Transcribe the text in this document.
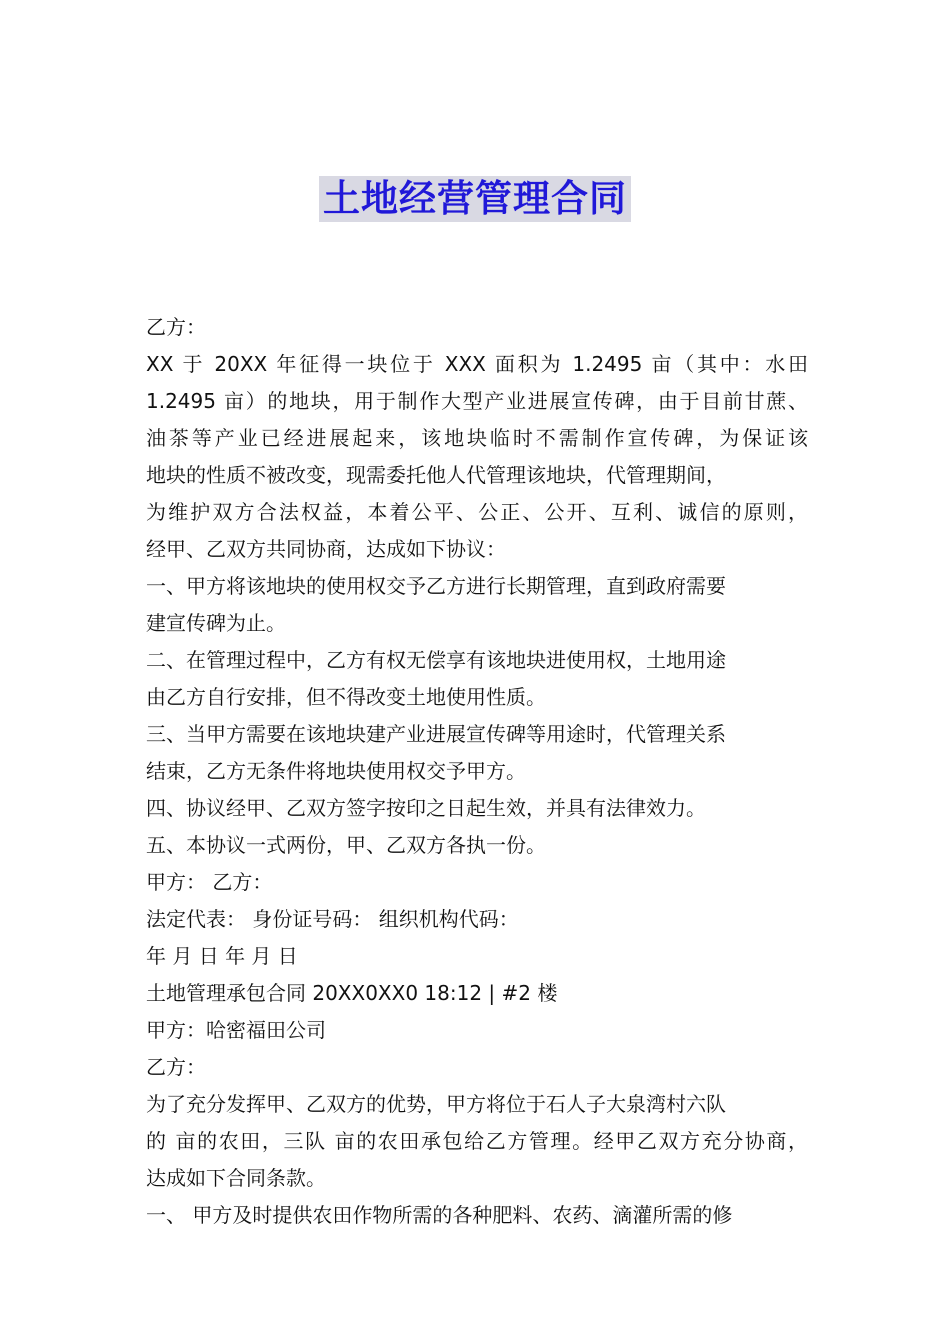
土地经营管理合同
乙方：
XX 于 20XX 年征得一块位于 XXX 面积为 1.2495 亩（其中：水田
1.2495 亩）的地块，用于制作大型产业进展宣传碑，由于目前甘蔗、
油茶等产业已经进展起来，该地块临时不需制作宣传碑，为保证该
地块的性质不被改变，现需委托他人代管理该地块，代管理期间，
为维护双方合法权益，本着公平、公正、公开、互利、诚信的原则，
经甲、乙双方共同协商，达成如下协议：
一、甲方将该地块的使用权交予乙方进行长期管理，直到政府需要
建宣传碑为止。
二、在管理过程中，乙方有权无偿享有该地块进使用权，土地用途
由乙方自行安排，但不得改变土地使用性质。
三、当甲方需要在该地块建产业进展宣传碑等用途时，代管理关系
结束，乙方无条件将地块使用权交予甲方。
四、协议经甲、乙双方签字按印之日起生效，并具有法律效力。
五、本协议一式两份，甲、乙双方各执一份。
甲方： 乙方：
法定代表： 身份证号码： 组织机构代码：
年 月 日 年 月 日
土地管理承包合同 20XX0XX0 18:12 | #2 楼
甲方：哈密福田公司
乙方：
为了充分发挥甲、乙双方的优势，甲方将位于石人子大泉湾村六队
的 亩的农田，三队 亩的农田承包给乙方管理。经甲乙双方充分协商，
达成如下合同条款。
一、 甲方及时提供农田作物所需的各种肥料、农药、滴灌所需的修
